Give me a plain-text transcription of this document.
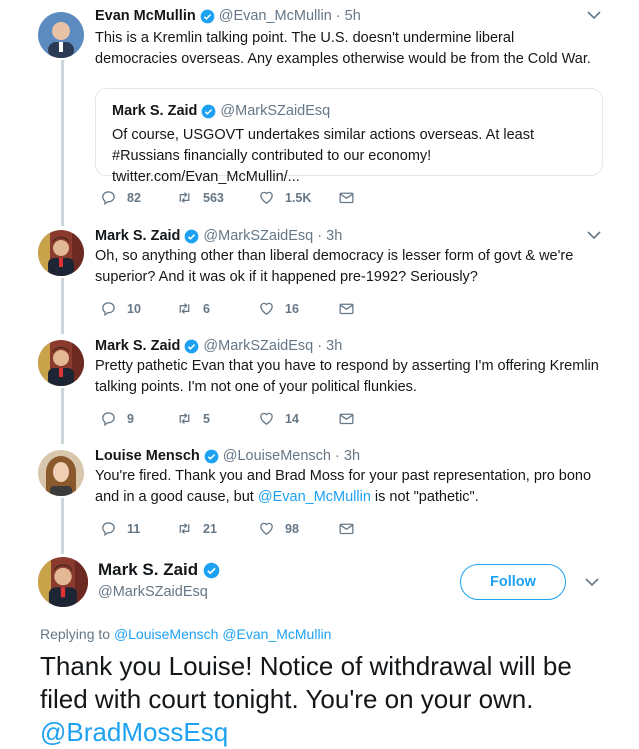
Evan McMullin @Evan_McMullin · 5h
This is a Kremlin talking point. The U.S. doesn't undermine liberal democracies overseas. Any examples otherwise would be from the Cold War.
Mark S. Zaid @MarkSZaidEsq
Of course, USGOVT undertakes similar actions overseas. At least #Russians financially contributed to our economy! twitter.com/Evan_McMullin/...
82	563	1.5K
Mark S. Zaid @MarkSZaidEsq · 3h
Oh, so anything other than liberal democracy is lesser form of govt & we're superior? And it was ok if it happened pre-1992? Seriously?
10	6	16
Mark S. Zaid @MarkSZaidEsq · 3h
Pretty pathetic Evan that you have to respond by asserting I'm offering Kremlin talking points. I'm not one of your political flunkies.
9	5	14
Louise Mensch @LouiseMensch · 3h
You're fired. Thank you and Brad Moss for your past representation, pro bono and in a good cause, but @Evan_McMullin is not "pathetic".
11	21	98
Mark S. Zaid
@MarkSZaidEsq
Follow
Replying to @LouiseMensch @Evan_McMullin
Thank you Louise! Notice of withdrawal will be filed with court tonight. You're on your own. @BradMossEsq
